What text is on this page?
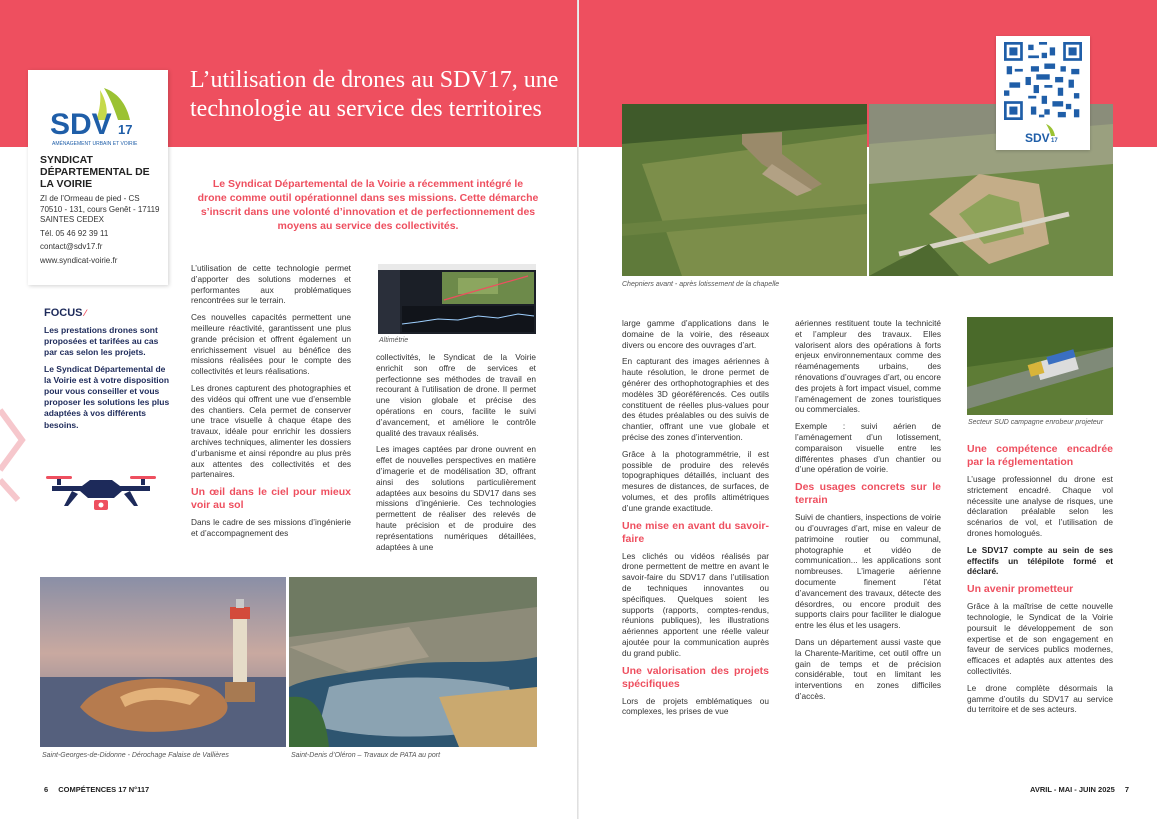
L’utilisation de drones au SDV17, une
technologie au service des territoires
SDV 17
AMÉNAGEMENT URBAIN ET VOIRIE
SYNDICAT DÉPARTEMENTAL DE LA VOIRIE

ZI de l’Ormeau de pied - CS 70510 - 131, cours Genêt - 17119 SAINTES CEDEX

Tél. 05 46 92 39 11

contact@sdv17.fr

www.syndicat-voirie.fr

FOCUS ⁄

Les prestations drones sont proposées et tarifées au cas par cas selon les projets.

Le Syndicat Départemental de la Voirie est à votre disposition pour vous conseiller et vous proposer les solutions les plus adaptées à vos différents besoins.

Le Syndicat Départemental de la Voirie a récemment intégré le drone comme outil opérationnel dans ses missions. Cette démarche s’inscrit dans une volonté d’innovation et de perfectionnement des moyens au service des collectivités.

L’utilisation de cette technologie permet d’apporter des solutions modernes et performantes aux problématiques rencontrées sur le terrain.

Ces nouvelles capacités permettent une meilleure réactivité, garantissent une plus grande précision et offrent également un enrichissement visuel au bénéfice des missions réalisées pour le compte des collectivités et leurs réalisations.

Les drones capturent des photographies et des vidéos qui offrent une vue d’ensemble des chantiers. Cela permet de conserver une trace visuelle à chaque étape des travaux, idéale pour enrichir les dossiers archives techniques, alimenter les dossiers d’urbanisme et ainsi répondre au plus près aux attentes des collectivités et des partenaires.

Un œil dans le ciel pour mieux voir au sol

Dans le cadre de ses missions d’ingénierie et d’accompagnement des

Altimétrie

collectivités, le Syndicat de la Voirie enrichit son offre de services et perfectionne ses méthodes de travail en recourant à l’utilisation de drone. Il permet une vision globale et précise des opérations en cours, facilite le suivi d’avancement, et améliore le contrôle qualité des travaux réalisés.

Les images captées par drone ouvrent en effet de nouvelles perspectives en matière d’imagerie et de modélisation 3D, offrant ainsi des solutions particulièrement adaptées aux besoins du SDV17 dans ses missions d’ingénierie. Ces technologies permettent de réaliser des relevés de haute précision et de produire des représentations numériques détaillées, adaptées à une

Saint-Georges-de-Didonne - Dérochage Falaise de Vallières	Saint-Denis d’Oléron – Travaux de PATA au port
Chepniers avant - après lotissement de la chapelle
SDV 17

large gamme d’applications dans le domaine de la voirie, des réseaux divers ou encore des ouvrages d’art.

En capturant des images aériennes à haute résolution, le drone permet de générer des orthophotographies et des modèles 3D géoréférencés. Ces outils constituent de réelles plus-values pour des études préalables ou des suivis de chantier, offrant une vue globale et précise des zones d’intervention.

Grâce à la photogrammétrie, il est possible de produire des relevés topographiques détaillés, incluant des mesures de distances, de surfaces, de volumes, et des profils altimétriques d’une grande exactitude.

Une mise en avant du savoir-faire

Les clichés ou vidéos réalisés par drone permettent de mettre en avant le savoir-faire du SDV17 dans l’utilisation de techniques innovantes ou spécifiques. Quelques soient les supports (rapports, comptes-rendus, réunions publiques), les illustrations aériennes apportent une réelle valeur ajoutée pour la communication auprès du grand public.

Une valorisation des projets spécifiques

Lors de projets emblématiques ou complexes, les prises de vue

aériennes restituent toute la technicité et l’ampleur des travaux. Elles valorisent alors des opérations à forts enjeux environnementaux comme des réaménagements urbains, des rénovations d’ouvrages d’art, ou encore des projets à fort impact visuel, comme l’aménagement de zones touristiques ou commerciales.

Exemple : suivi aérien de l’aménagement d’un lotissement, comparaison visuelle entre les différentes phases d’un chantier ou d’une opération de voirie.

Des usages concrets sur le terrain

Suivi de chantiers, inspections de voirie ou d’ouvrages d’art, mise en valeur de patrimoine routier ou communal, photographie et vidéo de communication... les applications sont nombreuses. L’imagerie aérienne documente finement l’état d’avancement des travaux, détecte des désordres, ou encore produit des supports clairs pour faciliter le dialogue entre les élus et les usagers.

Dans un département aussi vaste que la Charente-Maritime, cet outil offre un gain de temps et de précision considérable, tout en limitant les interventions en zones difficiles d’accès.

Secteur SUD campagne enrobeur projeteur
Une compétence encadrée par la réglementation

L’usage professionnel du drone est strictement encadré. Chaque vol nécessite une analyse de risques, une déclaration préalable selon les scénarios de vol, et l’utilisation de drones homologués.

Le SDV17 compte au sein de ses effectifs un télépilote formé et déclaré.

Un avenir prometteur

Grâce à la maîtrise de cette nouvelle technologie, le Syndicat de la Voirie poursuit le développement de son expertise et de son engagement en faveur de services publics modernes, efficaces et adaptés aux attentes des collectivités.

Le drone complète désormais la gamme d’outils du SDV17 au service du territoire et de ses acteurs.

6 COMPÉTENCES 17 N°117	AVRIL - MAI - JUIN 2025 7
